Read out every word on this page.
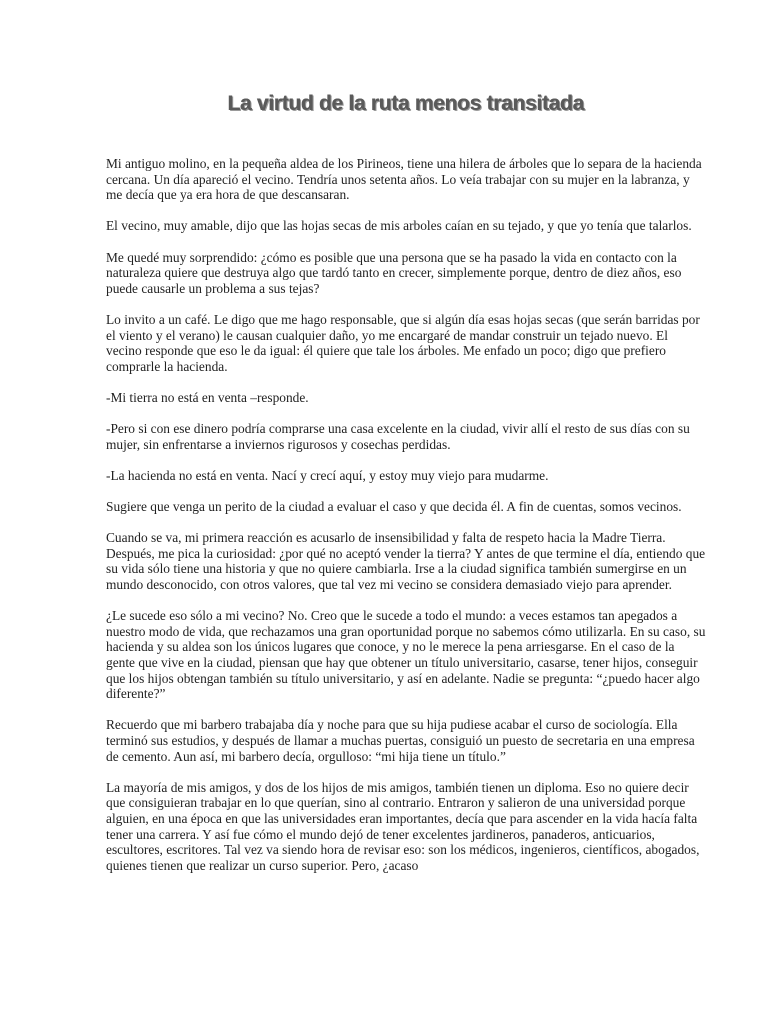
La virtud de la ruta menos transitada

Mi antiguo molino, en la pequeña aldea de los Pirineos, tiene una hilera de árboles que lo separa de la hacienda cercana. Un día apareció el vecino. Tendría unos setenta años. Lo veía trabajar con su mujer en la labranza, y me decía que ya era hora de que descansaran.

El vecino, muy amable, dijo que las hojas secas de mis arboles caían en su tejado, y que yo tenía que talarlos.

Me quedé muy sorprendido: ¿cómo es posible que una persona que se ha pasado la vida en contacto con la naturaleza quiere que destruya algo que tardó tanto en crecer, simplemente porque, dentro de diez años, eso puede causarle un problema a sus tejas?

Lo invito a un café. Le digo que me hago responsable, que si algún día esas hojas secas (que serán barridas por el viento y el verano) le causan cualquier daño, yo me encargaré de mandar construir un tejado nuevo. El vecino responde que eso le da igual: él quiere que tale los árboles. Me enfado un poco; digo que prefiero comprarle la hacienda.

-Mi tierra no está en venta –responde.

-Pero si con ese dinero podría comprarse una casa excelente en la ciudad, vivir allí el resto de sus días con su mujer, sin enfrentarse a inviernos rigurosos y cosechas perdidas.

-La hacienda no está en venta. Nací y crecí aquí, y estoy muy viejo para mudarme.

Sugiere que venga un perito de la ciudad a evaluar el caso y que decida él. A fin de cuentas, somos vecinos.

Cuando se va, mi primera reacción es acusarlo de insensibilidad y falta de respeto hacia la Madre Tierra. Después, me pica la curiosidad: ¿por qué no aceptó vender la tierra? Y antes de que termine el día, entiendo que su vida sólo tiene una historia y que no quiere cambiarla. Irse a la ciudad significa también sumergirse en un mundo desconocido, con otros valores, que tal vez mi vecino se considera demasiado viejo para aprender.

¿Le sucede eso sólo a mi vecino? No. Creo que le sucede a todo el mundo: a veces estamos tan apegados a nuestro modo de vida, que rechazamos una gran oportunidad porque no sabemos cómo utilizarla. En su caso, su hacienda y su aldea son los únicos lugares que conoce, y no le merece la pena arriesgarse. En el caso de la gente que vive en la ciudad, piensan que hay que obtener un título universitario, casarse, tener hijos, conseguir que los hijos obtengan también su título universitario, y así en adelante. Nadie se pregunta: “¿puedo hacer algo diferente?”

Recuerdo que mi barbero trabajaba día y noche para que su hija pudiese acabar el curso de sociología. Ella terminó sus estudios, y después de llamar a muchas puertas, consiguió un puesto de secretaria en una empresa de cemento. Aun así, mi barbero decía, orgulloso: “mi hija tiene un título.”

La mayoría de mis amigos, y dos de los hijos de mis amigos, también tienen un diploma. Eso no quiere decir que consiguieran trabajar en lo que querían, sino al contrario. Entraron y salieron de una universidad porque alguien, en una época en que las universidades eran importantes, decía que para ascender en la vida hacía falta tener una carrera. Y así fue cómo el mundo dejó de tener excelentes jardineros, panaderos, anticuarios, escultores, escritores. Tal vez va siendo hora de revisar eso: son los médicos, ingenieros, científicos, abogados, quienes tienen que realizar un curso superior. Pero, ¿acaso
